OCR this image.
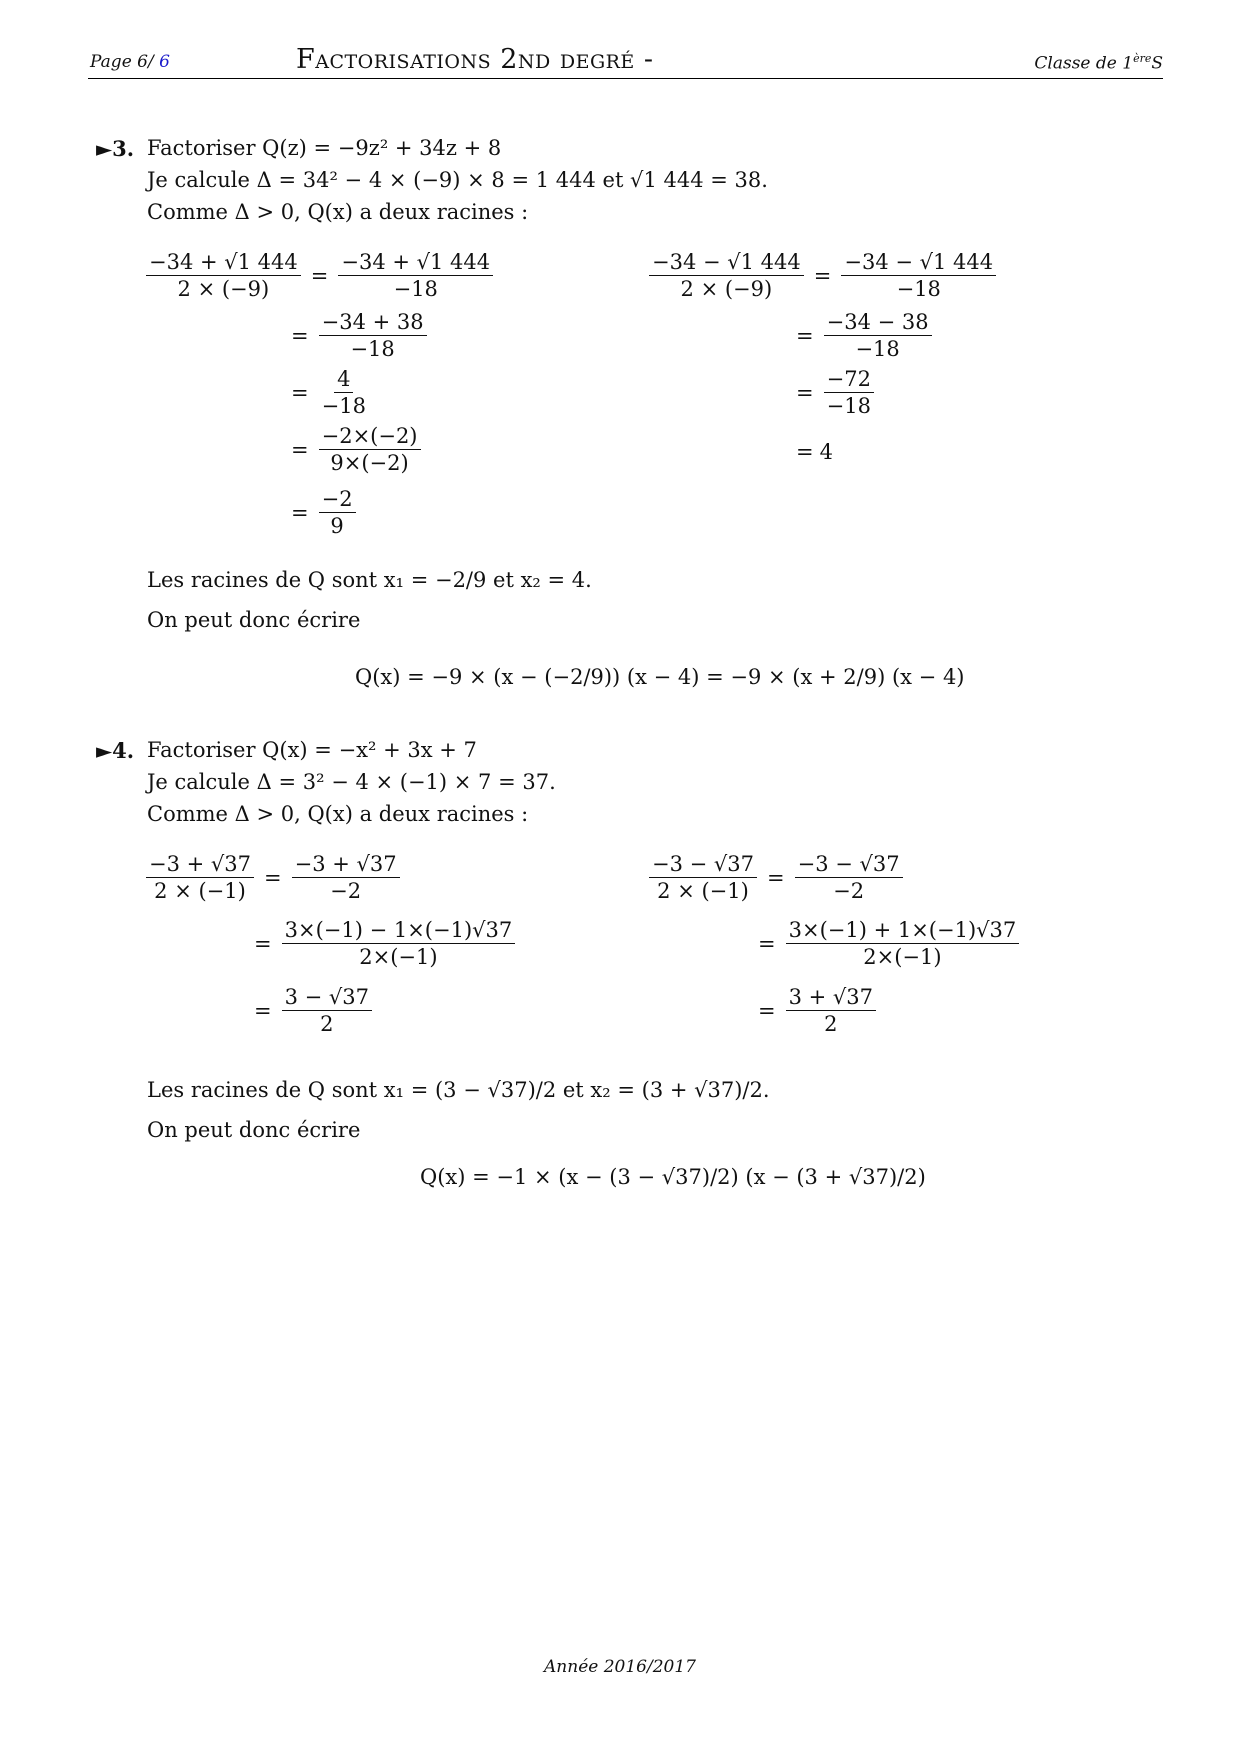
Page 6/ 6	Factorisations 2nd degré -	Classe de 1èreS
►3. Factoriser Q(z) = −9z² + 34z + 8
Je calcule Δ = 34² − 4 × (−9) × 8 = 1 444 et √1 444 = 38.
Comme Δ > 0, Q(x) a deux racines :
$\frac{-34 + √1 444}{2 \times (-9)} = \frac{-34 + √1 444}{-18}$
= $\frac{-34 + 38}{-18}$
= $\frac{4}{-18}$
= $\frac{-2\times(-2)}{9\times(-2)}$
= $\frac{-2}{9}$
$\frac{-34 - √1 444}{2 \times (-9)} = \frac{-34 - √1 444}{-18}$
= $\frac{-34 - 38}{-18}$
= $\frac{-72}{-18}$
= 4
Les racines de Q sont x₁ = −2/9 et x₂ = 4.
On peut donc écrire
Q(x) = −9 × (x − (−2/9)) (x − 4) = −9 × (x + 2/9) (x − 4)
►4. Factoriser Q(x) = −x² + 3x + 7
Je calcule Δ = 3² − 4 × (−1) × 7 = 37.
Comme Δ > 0, Q(x) a deux racines :
$\frac{-3 + √37}{2 \times (-1)} = \frac{-3 + √37}{-2}$
= $\frac{3\times(-1) - 1\times(-1)√37}{2\times(-1)}$
= $\frac{3 - √37}{2}$
$\frac{-3 - √37}{2 \times (-1)} = \frac{-3 - √37}{-2}$
= $\frac{3\times(-1) + 1\times(-1)√37}{2\times(-1)}$
= $\frac{3 + √37}{2}$
Les racines de Q sont x₁ = (3 − √37)/2 et x₂ = (3 + √37)/2.
On peut donc écrire
Q(x) = −1 × (x − (3 − √37)/2) (x − (3 + √37)/2)
Année 2016/2017
